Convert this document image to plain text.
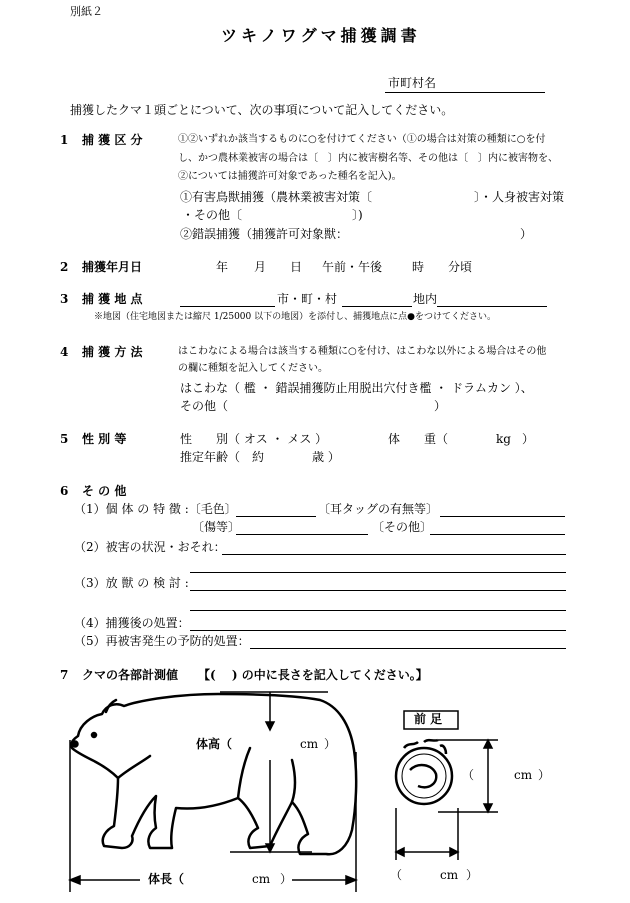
別紙２
ツキノワグマ捕獲調書
市町村名
捕獲したクマ１頭ごとについて、次の事項について記入してください。
1 捕 獲 区 分	①②いずれか該当するものに○を付けてください（①の場合は対策の種類に○を付
し、かつ農林業被害の場合は〔　〕内に被害樹名等、その他は〔　〕内に被害物を、
②については捕獲許可対象であった種名を記入)。
①有害鳥獣捕獲（農林業被害対策〔	〕・人身被害対策
・その他〔	〕)
②錯誤捕獲（捕獲許可対象獣：	）
2 捕獲年月日	年 月 日 午前・午後 時 分頃
3 捕 獲 地 点	市・町・村	地内
※地図（住宅地図または縮尺 1/25000 以下の地図）を添付し、捕獲地点に点●をつけてください。
4 捕 獲 方 法	はこわなによる場合は該当する種類に○を付け、はこわな以外による場合はその他
の欄に種類を記入してください。
はこわな（ 檻 ・ 錯誤捕獲防止用脱出穴付き檻 ・ ドラムカン ）、
その他（	）
5 性 別 等	性　　別（ オス ・ メス ）	体　　重（	kg ）
推定年齢（　約　　　　歳 ）
6 そ の 他
（1）個 体 の 特 徴 :〔毛色〕	〔耳タッグの有無等〕
〔傷等〕	〔その他〕
（2）被害の状況・おそれ：
（3）放 獣 の 検 討 :
（4）捕獲後の処置：
（5）再被害発生の予防的処置：
7 クマの各部計測値 【(　 ) の中に長さを記入してください。】
体高（	cm ）
体長（	cm ）
前 足
（	cm ）
（	cm ）
